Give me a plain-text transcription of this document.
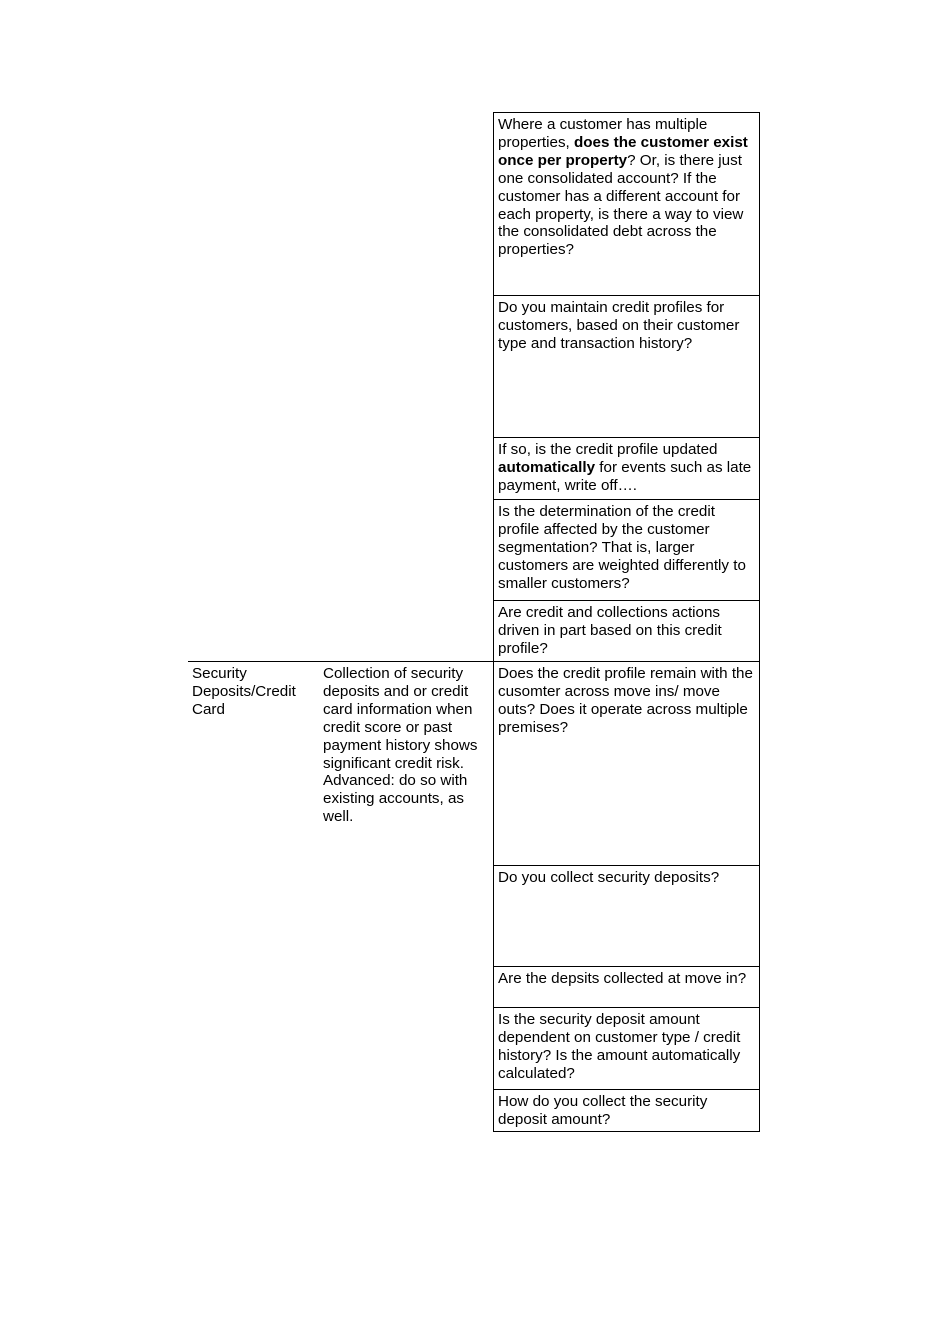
Where a customer has multiple properties, does the customer exist once per property? Or, is there just one consolidated account? If the customer has a different account for each property, is there a way to view the consolidated debt across the properties?
Do you maintain credit profiles for customers, based on their customer type and transaction history?
If so, is the credit profile updated automatically for events such as late payment, write off….
Is the determination of the credit profile affected by the customer segmentation? That is, larger customers are weighted differently to smaller customers?
Are credit and collections actions driven in part based on this credit profile?
Does the credit profile remain with the cusomter across move ins/ move outs? Does it operate across multiple premises?
Do you collect security deposits?
Are the depsits collected at move in?
Is the security deposit amount dependent on customer type / credit history? Is the amount automatically calculated?
How do you collect the security deposit amount?
Security Deposits/Credit Card
Collection of security deposits and or credit card information when credit score or past payment history shows significant credit risk. Advanced: do so with existing accounts, as well.
